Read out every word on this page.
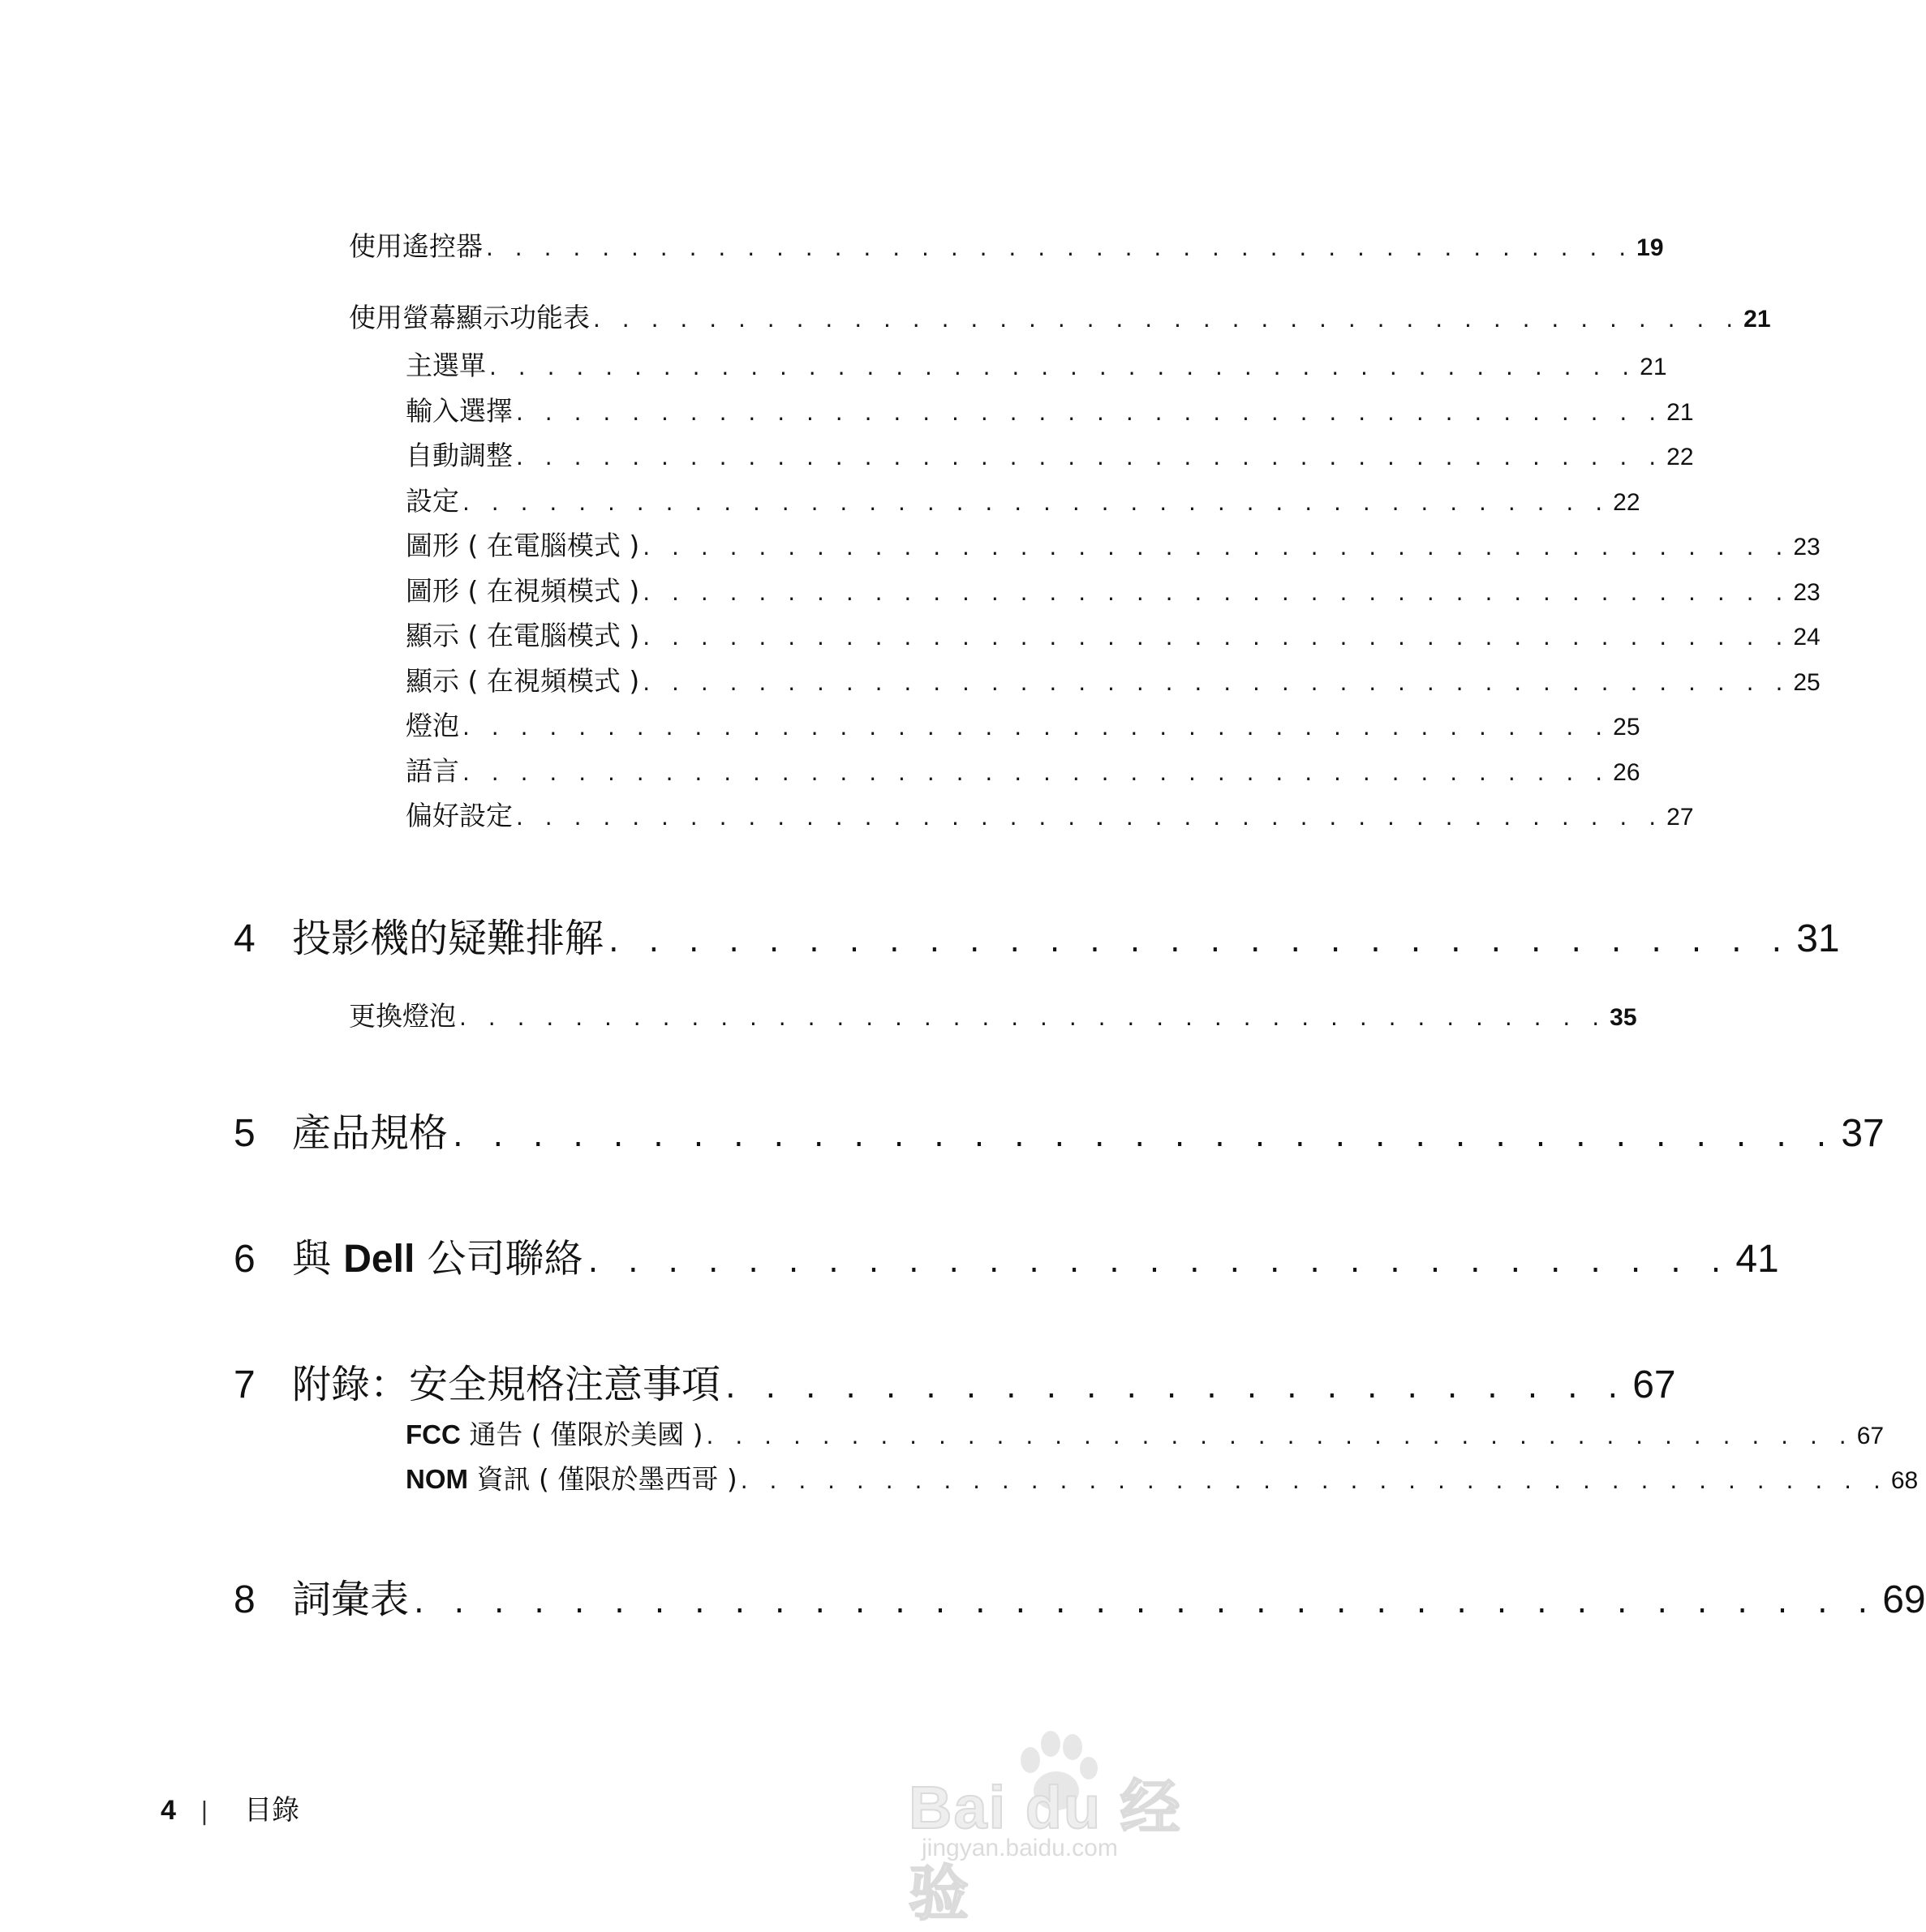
使用遙控器 . . . . . . . . . . . . . . . . . . . . . . . . . . . . . . . . . . . . . . . . 19
使用螢幕顯示功能表 . . . . . . . . . . . . . . . . . . . . . . . . . . . . . . . . . . . . . . . . 21
主選單 . . . . . . . . . . . . . . . . . . . . . . . . . . . . . . . . . . . . . . . . 21
輸入選擇 . . . . . . . . . . . . . . . . . . . . . . . . . . . . . . . . . . . . . . . . 21
自動調整 . . . . . . . . . . . . . . . . . . . . . . . . . . . . . . . . . . . . . . . . 22
設定 . . . . . . . . . . . . . . . . . . . . . . . . . . . . . . . . . . . . . . . . 22
圖形 ( 在電腦模式 ) . . . . . . . . . . . . . . . . . . . . . . . . . . . . . . . . . . . . . . . . 23
圖形 ( 在視頻模式 ) . . . . . . . . . . . . . . . . . . . . . . . . . . . . . . . . . . . . . . . . 23
顯示 ( 在電腦模式 ) . . . . . . . . . . . . . . . . . . . . . . . . . . . . . . . . . . . . . . . . 24
顯示 ( 在視頻模式 ) . . . . . . . . . . . . . . . . . . . . . . . . . . . . . . . . . . . . . . . . 25
燈泡 . . . . . . . . . . . . . . . . . . . . . . . . . . . . . . . . . . . . . . . . 25
語言 . . . . . . . . . . . . . . . . . . . . . . . . . . . . . . . . . . . . . . . . 26
偏好設定 . . . . . . . . . . . . . . . . . . . . . . . . . . . . . . . . . . . . . . . . 27
4 投影機的疑難排解 . . . . . . . . . . . . . . . . . . . . . . . . . . . . . . 31
更換燈泡 . . . . . . . . . . . . . . . . . . . . . . . . . . . . . . . . . . . . . . . . 35
5 產品規格 . . . . . . . . . . . . . . . . . . . . . . . . . . . . . . . . . . . 37
6 與 Dell 公司聯絡 . . . . . . . . . . . . . . . . . . . . . . . . . . . . . 41
7 附錄：安全規格注意事項 . . . . . . . . . . . . . . . . . . . . . . . 67
FCC 通告 ( 僅限於美國 ) . . . . . . . . . . . . . . . . . . . . . . . . . . . . . . . . . . . . . . . . 67
NOM 資訊 ( 僅限於墨西哥 ) . . . . . . . . . . . . . . . . . . . . . . . . . . . . . . . . . . . . . . . . 68
8 詞彙表 . . . . . . . . . . . . . . . . . . . . . . . . . . . . . . . . . . . . . 69
4 | 目錄	Bai du 经验
jingyan.baidu.com
